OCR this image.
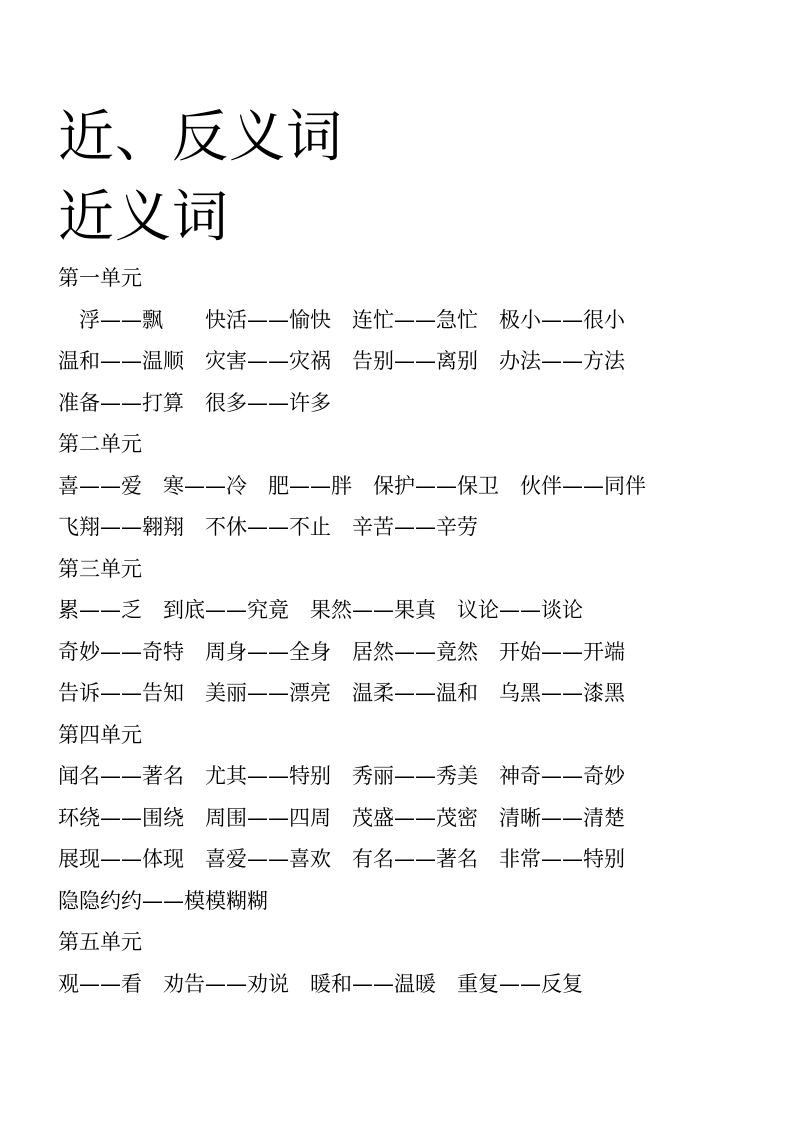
近、反义词
近义词
第一单元
浮——飘　快活——愉快 连忙——急忙 极小——很小
温和——温顺 灾害——灾祸 告别——离别 办法——方法
准备——打算 很多——许多
第二单元
喜——爱 寒——冷 肥——胖 保护——保卫 伙伴——同伴
飞翔——翱翔 不休——不止 辛苦——辛劳
第三单元
累——乏 到底——究竟 果然——果真 议论——谈论
奇妙——奇特 周身——全身 居然——竟然 开始——开端
告诉——告知 美丽——漂亮 温柔——温和 乌黑——漆黑
第四单元
闻名——著名 尤其——特别 秀丽——秀美 神奇——奇妙
环绕——围绕 周围——四周 茂盛——茂密 清晰——清楚
展现——体现 喜爱——喜欢 有名——著名 非常——特别
隐隐约约——模模糊糊
第五单元
观——看 劝告——劝说 暖和——温暖 重复——反复
